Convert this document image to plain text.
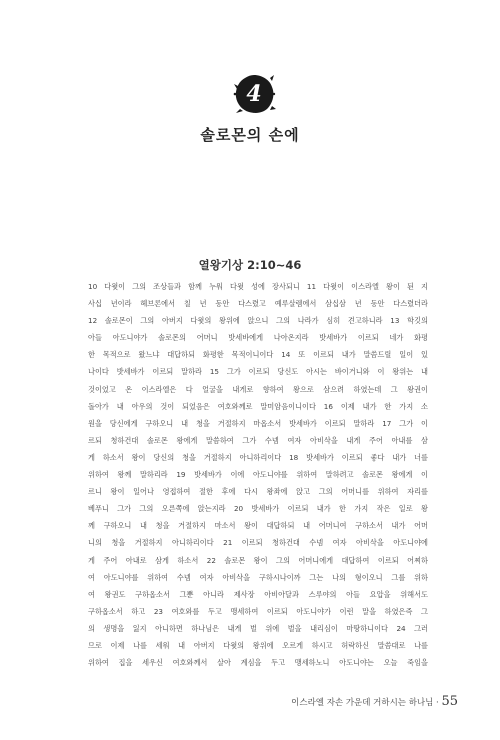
4
솔로몬의 손에
열왕기상 2:10~46
10 다윗이 그의 조상들과 함께 누워 다윗 성에 장사되니 11 다윗이 이스라엘 왕이 된 지
사십 년이라 헤브론에서 칠 년 동안 다스렸고 예루살렘에서 삼십삼 년 동안 다스렸더라
12 솔로몬이 그의 아버지 다윗의 왕위에 앉으니 그의 나라가 심히 견고하니라 13 학깃의
아들 아도니야가 솔로몬의 어머니 밧세바에게 나아온지라 밧세바가 이르되 네가 화평
한 목적으로 왔느냐 대답하되 화평한 목적이니이다 14 또 이르되 내가 말씀드릴 일이 있
나이다 밧세바가 이르되 말하라 15 그가 이르되 당신도 아시는 바이거니와 이 왕위는 내
것이었고 온 이스라엘은 다 얼굴을 내게로 향하여 왕으로 삼으려 하였는데 그 왕권이
돌아가 내 아우의 것이 되었음은 여호와께로 말미암음이니이다 16 이제 내가 한 가지 소
원을 당신에게 구하오니 내 청을 거절하지 마옵소서 밧세바가 이르되 말하라 17 그가 이
르되 청하건대 솔로몬 왕에게 말씀하여 그가 수넴 여자 아비삭을 내게 주어 아내를 삼
게 하소서 왕이 당신의 청을 거절하지 아니하리이다 18 밧세바가 이르되 좋다 내가 너를
위하여 왕께 말하리라 19 밧세바가 이에 아도니야를 위하여 말하려고 솔로몬 왕에게 이
르니 왕이 일어나 영접하여 절한 후에 다시 왕좌에 앉고 그의 어머니를 위하여 자리를
베푸니 그가 그의 오른쪽에 앉는지라 20 밧세바가 이르되 내가 한 가지 작은 일로 왕
께 구하오니 내 청을 거절하지 마소서 왕이 대답하되 내 어머니여 구하소서 내가 어머
니의 청을 거절하지 아니하리이다 21 이르되 청하건대 수넴 여자 아비삭을 아도니야에
게 주어 아내로 삼게 하소서 22 솔로몬 왕이 그의 어머니에게 대답하여 이르되 어찌하
여 아도니야를 위하여 수넴 여자 아비삭을 구하시나이까 그는 나의 형이오니 그를 위하
여 왕권도 구하옵소서 그뿐 아니라 제사장 아비아달과 스루야의 아들 요압을 위해서도
구하옵소서 하고 23 여호와를 두고 맹세하여 이르되 아도니야가 이런 말을 하였은즉 그
의 생명을 잃지 아니하면 하나님은 내게 벌 위에 벌을 내리심이 마땅하니이다 24 그러
므로 이제 나를 세워 내 아버지 다윗의 왕위에 오르게 하시고 허락하신 말씀대로 나를
위하여 집을 세우신 여호와께서 살아 계심을 두고 맹세하노니 아도니야는 오늘 죽임을
이스라엘 자손 가운데 거하시는 하나님 · 55
